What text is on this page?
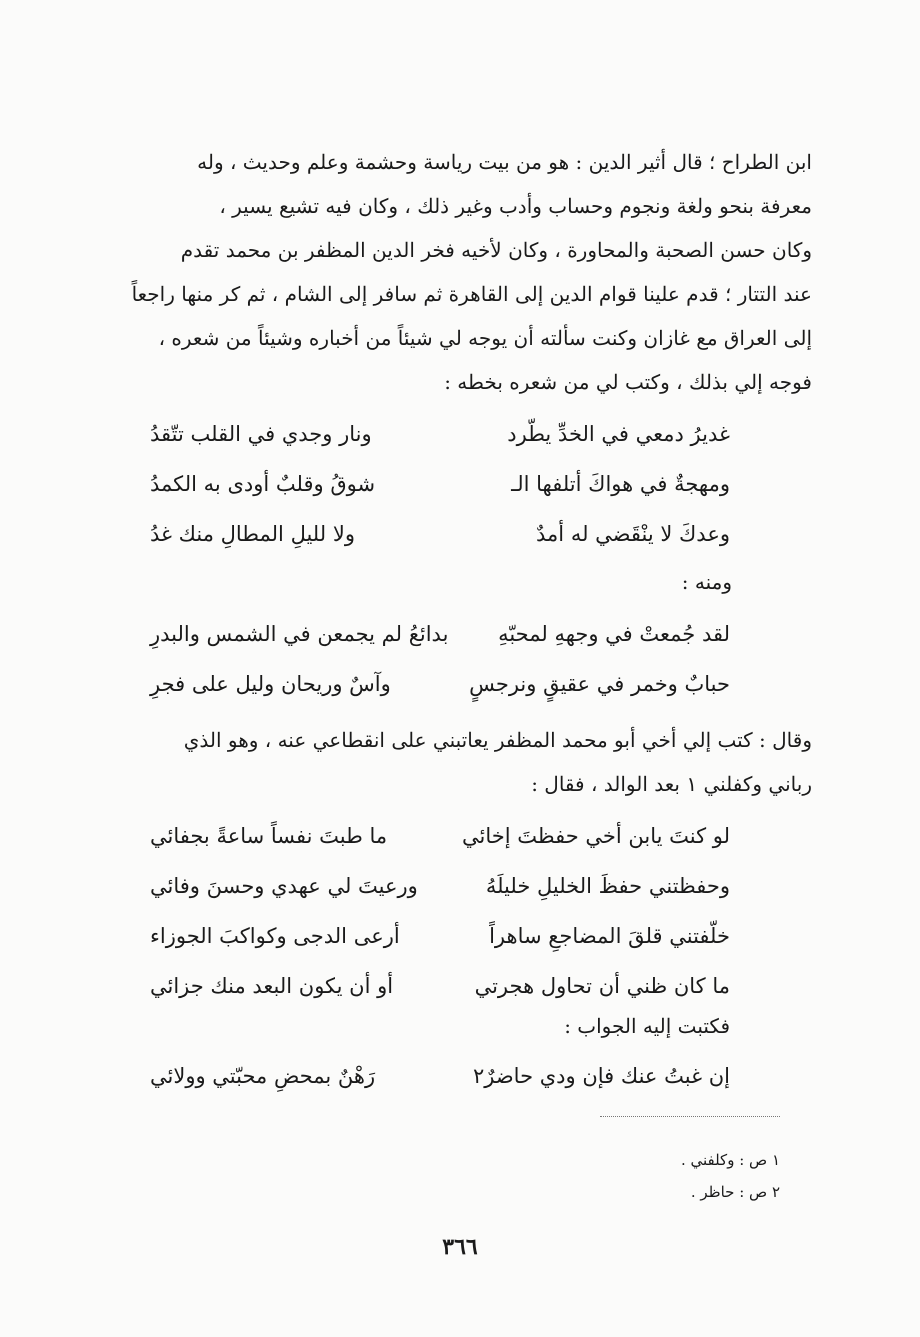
ابن الطراح ؛ قال أثير الدين : هو من بيت رياسة وحشمة وعلم وحديث ، وله
معرفة بنحو ولغة ونجوم وحساب وأدب وغير ذلك ، وكان فيه تشيع يسير ،
وكان حسن الصحبة والمحاورة ، وكان لأخيه فخر الدين المظفر بن محمد تقدم
عند التتار ؛ قدم علينا قوام الدين إلى القاهرة ثم سافر إلى الشام ، ثم كر منها راجعاً
إلى العراق مع غازان وكنت سألته أن يوجه لي شيئاً من أخباره وشيئاً من شعره ،
فوجه إلي بذلك ، وكتب لي من شعره بخطه :
غديرُ دمعي في الخدِّ يطّرد
ونار وجدي في القلب تتّقدُ
ومهجةٌ في هواكَ أتلفها الـ
شوقُ وقلبٌ أودى به الكمدُ
وعدكَ لا ينْقَضي له أمدٌ
ولا لليلِ المطالِ منك غدُ
ومنه :
لقد جُمعتْ في وجههِ لمحبّهِ
بدائعُ لم يجمعن في الشمس والبدرِ
حبابٌ وخمر في عقيقٍ ونرجسٍ
وآسٌ وريحان وليل على فجرِ
وقال : كتب إلي أخي أبو محمد المظفر يعاتبني على انقطاعي عنه ، وهو الذي
رباني وكفلني ١ بعد الوالد ، فقال :
لو كنتَ يابن أخي حفظتَ إخائي
ما طبتَ نفساً ساعةً بجفائي
وحفظتني حفظَ الخليلِ خليلَهُ
ورعيتَ لي عهدي وحسنَ وفائي
خلّفتني قلقَ المضاجعِ ساهراً
أرعى الدجى وكواكبَ الجوزاء
ما كان ظني أن تحاول هجرتي
أو أن يكون البعد منك جزائي
فكتبت إليه الجواب :
إن غبتُ عنك فإن ودي حاضرٌ٢
رَهْنٌ بمحضِ محبّتي وولائي
١ ص : وكلفني .
٢ ص : حاظر .
٣٦٦
